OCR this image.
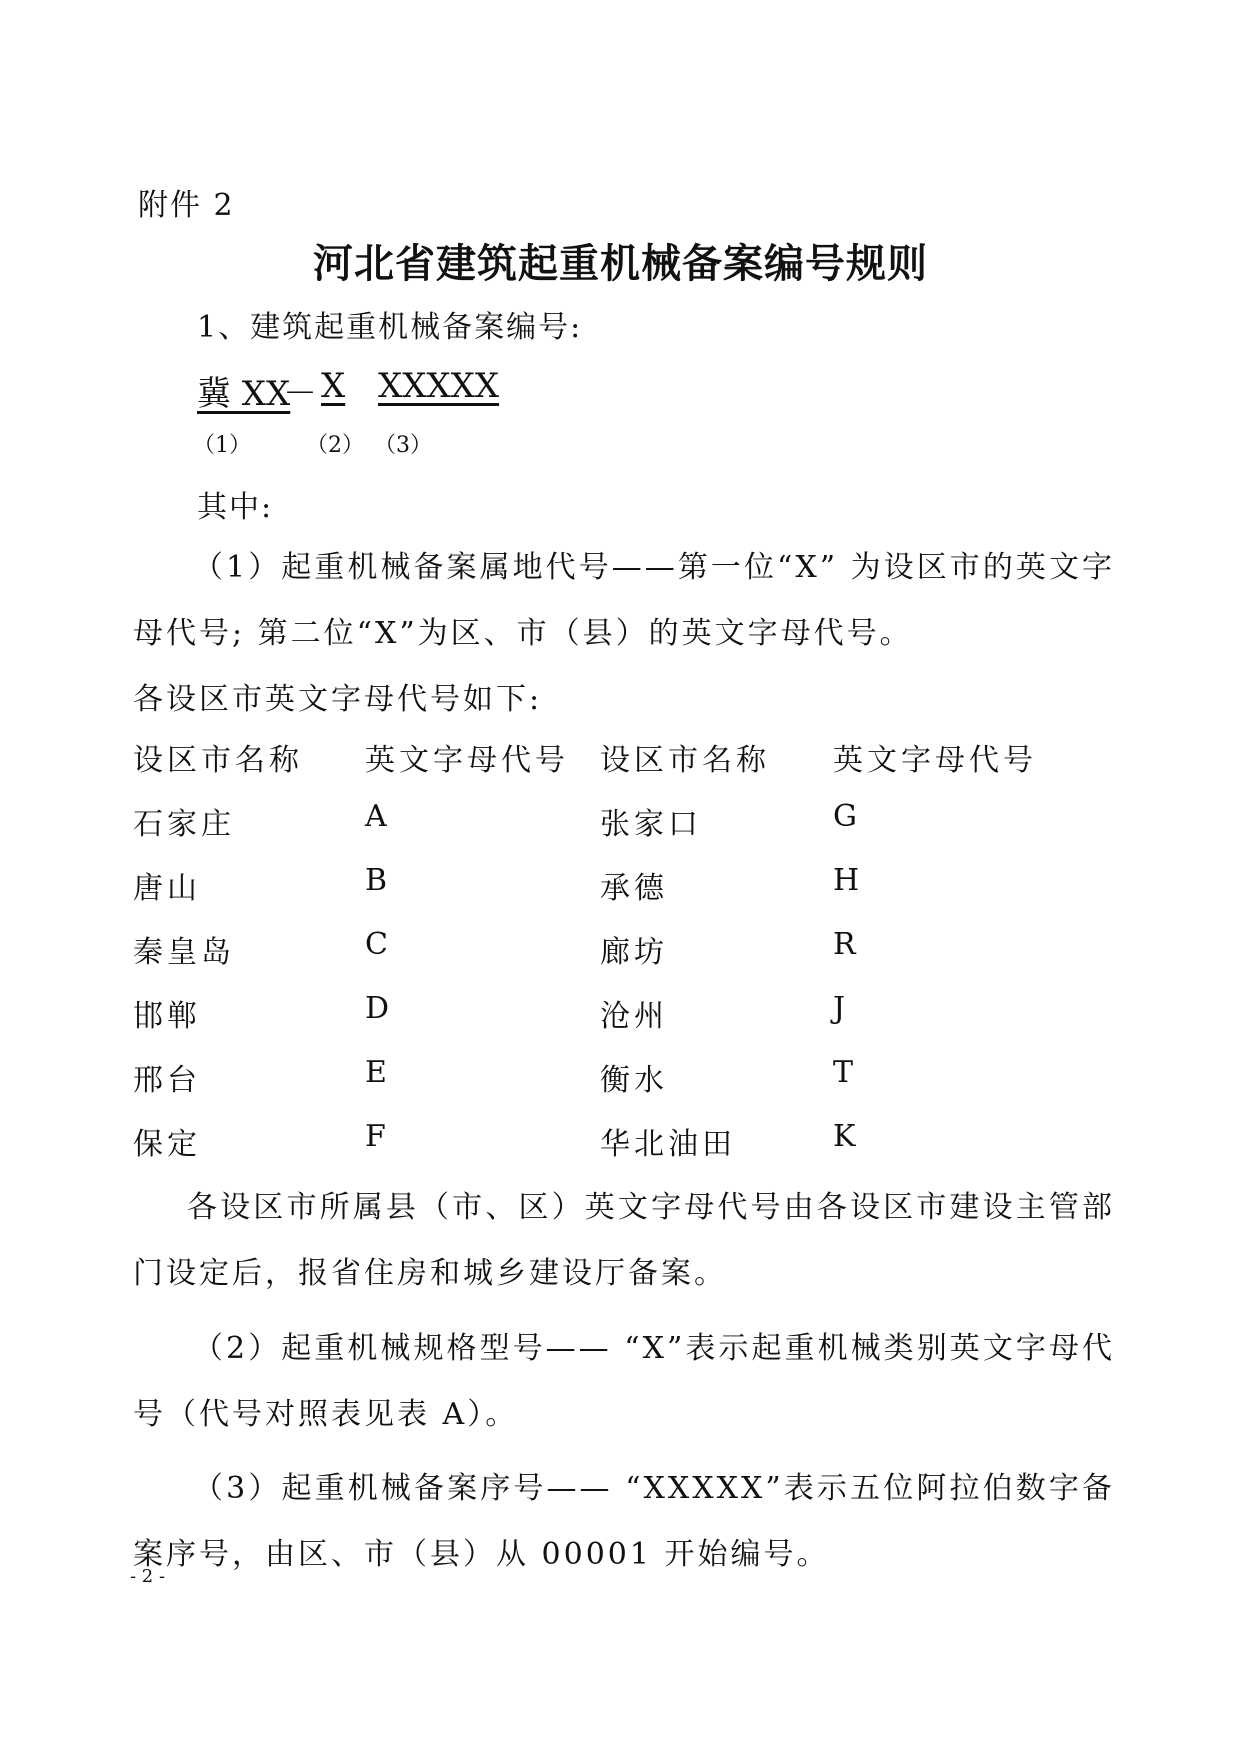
附件 2
河北省建筑起重机械备案编号规则
1、建筑起重机械备案编号:
冀 XX
－ X XXXXX
（1）	（2） （3）
其中:
（1）起重机械备案属地代号——第一位“X” 为设区市的英文字母代号; 第二位“X”为区、市（县）的英文字母代号。
各设区市英文字母代号如下:
设区市名称 英文字母代号 设区市名称 英文字母代号
石家庄	A	张家口	G
唐山	B	承德	H
秦皇岛	C	廊坊	R
邯郸	D	沧州	J
邢台	E	衡水	T
保定	F	华北油田	K
各设区市所属县（市、区）英文字母代号由各设区市建设主管部门设定后，报省住房和城乡建设厅备案。
（2）起重机械规格型号—— “X”表示起重机械类别英文字母代号（代号对照表见表 A）。
（3）起重机械备案序号—— “XXXXX”表示五位阿拉伯数字备案序号，由区、市（县）从 00001 开始编号。
- 2 -
